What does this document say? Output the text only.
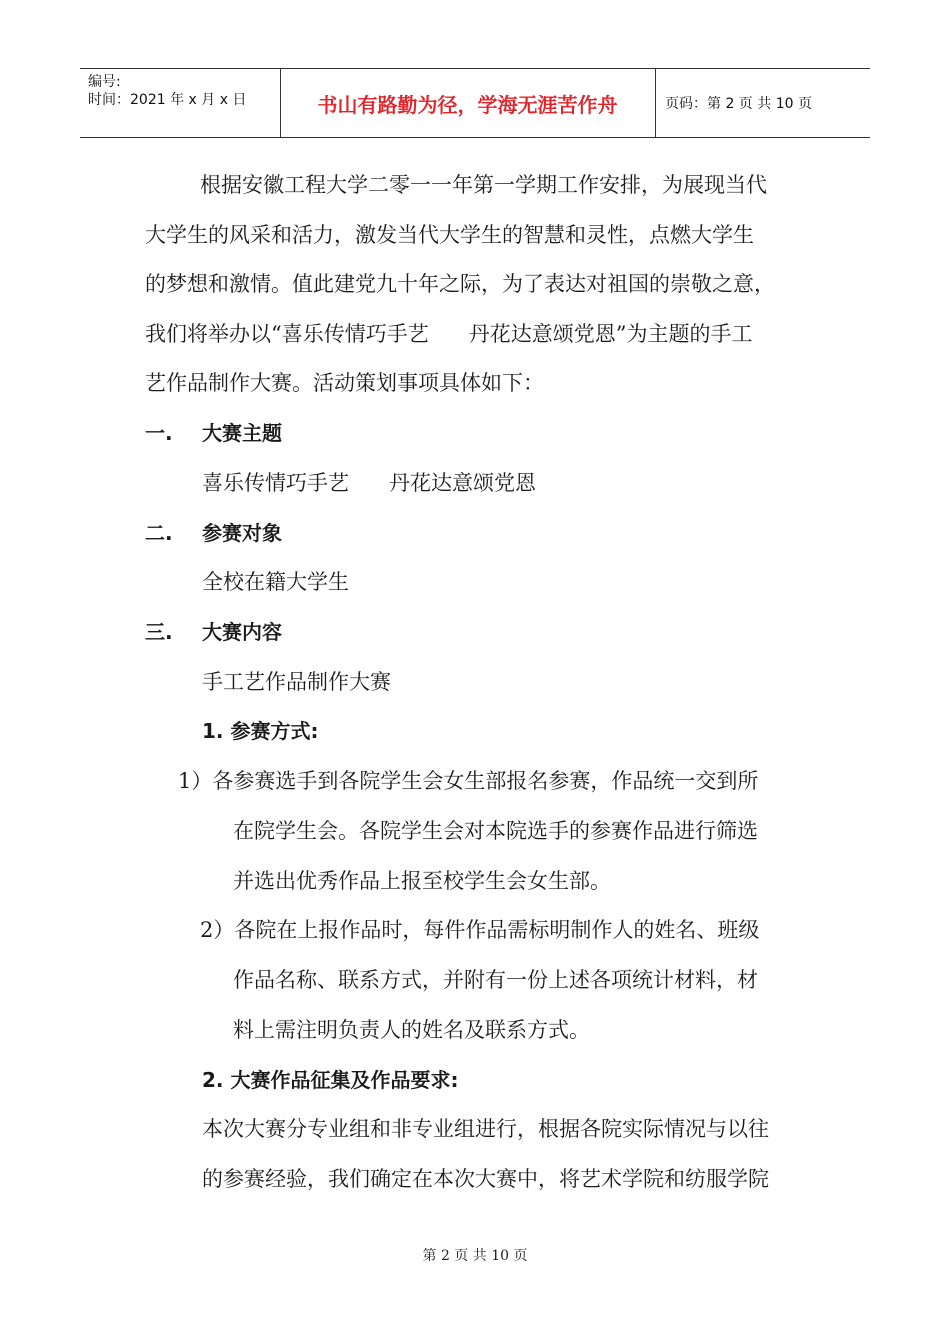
编号:
时间：2021 年 x 月 x 日	书山有路勤为径，学海无涯苦作舟	页码：第 2 页 共 10 页
根据安徽工程大学二零一一年第一学期工作安排，为展现当代
大学生的风采和活力，激发当代大学生的智慧和灵性，点燃大学生
的梦想和激情。值此建党九十年之际，为了表达对祖国的崇敬之意，
我们将举办以“喜乐传情巧手艺      丹花达意颂党恩”为主题的手工
艺作品制作大赛。活动策划事项具体如下：
一. 大赛主题
喜乐传情巧手艺      丹花达意颂党恩
二. 参赛对象
全校在籍大学生
三. 大赛内容
手工艺作品制作大赛
1. 参赛方式:
1）各参赛选手到各院学生会女生部报名参赛，作品统一交到所
在院学生会。各院学生会对本院选手的参赛作品进行筛选
并选出优秀作品上报至校学生会女生部。
2）各院在上报作品时，每件作品需标明制作人的姓名、班级
作品名称、联系方式，并附有一份上述各项统计材料，材
料上需注明负责人的姓名及联系方式。
2. 大赛作品征集及作品要求:
本次大赛分专业组和非专业组进行，根据各院实际情况与以往
的参赛经验，我们确定在本次大赛中，将艺术学院和纺服学院
第 2 页 共 10 页
